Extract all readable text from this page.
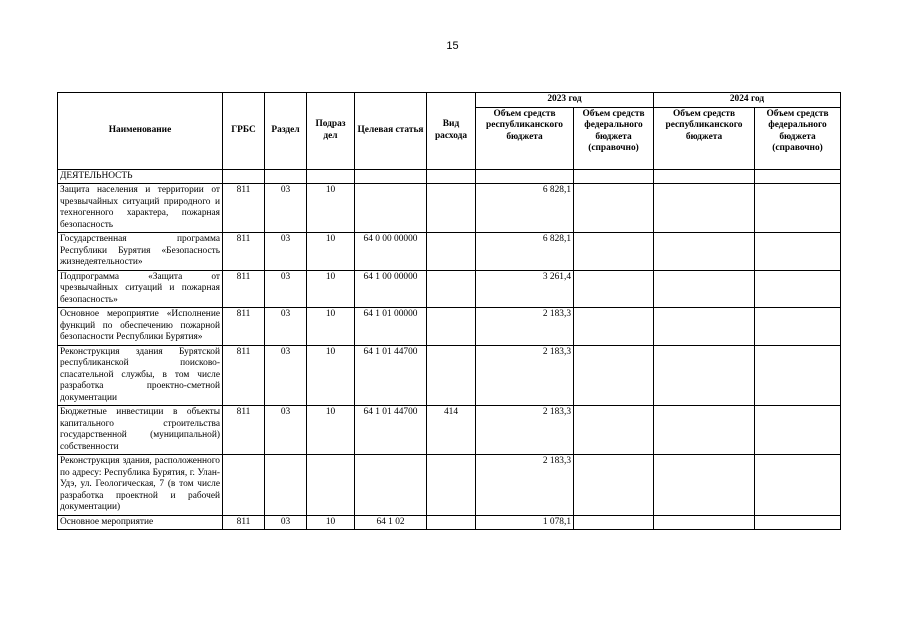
15
Наименование	ГРБС	Раздел	Подраз дел	Целевая статья	Вид расхода	2023 год		2024 год	
						Объем средств республиканского бюджета	Объем средств федерального бюджета (справочно)	Объем средств республиканского бюджета	Объем средств федерального бюджета (справочно)
ДЕЯТЕЛЬНОСТЬ									
Защита населения и территории от чрезвычайных ситуаций природного и техногенного характера, пожарная безопасность	811	03	10			6 828,1			
Государственная программа Республики Бурятия «Безопасность жизнедеятельности»	811	03	10	64 0 00 00000		6 828,1			
Подпрограмма «Защита от чрезвычайных ситуаций и пожарная безопасность»	811	03	10	64 1 00 00000		3 261,4			
Основное мероприятие «Исполнение функций по обеспечению пожарной безопасности Республики Бурятия»	811	03	10	64 1 01 00000		2 183,3			
Реконструкция здания Бурятской республиканской поисково-спасательной службы, в том числе разработка проектно-сметной документации	811	03	10	64 1 01 44700		2 183,3			
Бюджетные инвестиции в объекты капитального строительства государственной (муниципальной) собственности	811	03	10	64 1 01 44700	414	2 183,3			
Реконструкция здания, расположенного по адресу: Республика Бурятия, г. Улан-Удэ, ул. Геологическая, 7 (в том числе разработка проектной и рабочей документации)						2 183,3			
Основное мероприятие	811	03	10	64 1 02		1 078,1			
